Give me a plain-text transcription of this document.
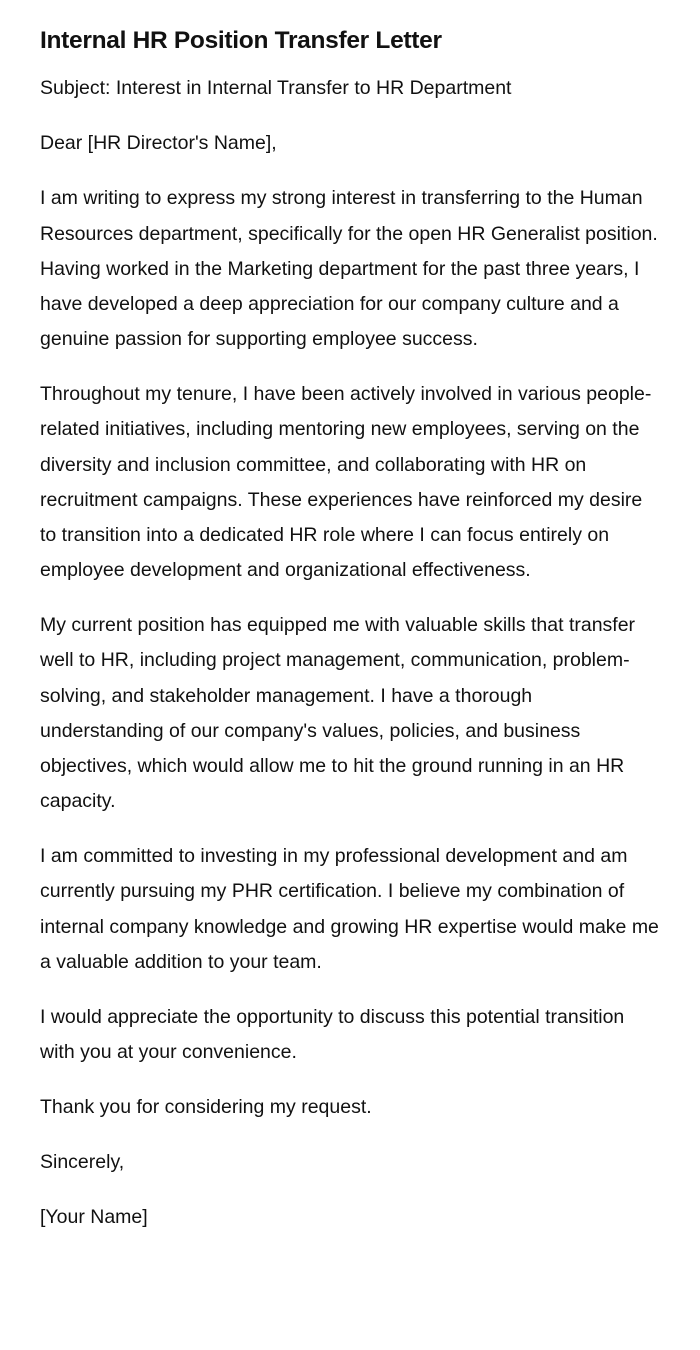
Internal HR Position Transfer Letter

Subject: Interest in Internal Transfer to HR Department

Dear [HR Director's Name],

I am writing to express my strong interest in transferring to the Human Resources department, specifically for the open HR Generalist position. Having worked in the Marketing department for the past three years, I have developed a deep appreciation for our company culture and a genuine passion for supporting employee success.

Throughout my tenure, I have been actively involved in various people-related initiatives, including mentoring new employees, serving on the diversity and inclusion committee, and collaborating with HR on recruitment campaigns. These experiences have reinforced my desire to transition into a dedicated HR role where I can focus entirely on employee development and organizational effectiveness.

My current position has equipped me with valuable skills that transfer well to HR, including project management, communication, problem-solving, and stakeholder management. I have a thorough understanding of our company's values, policies, and business objectives, which would allow me to hit the ground running in an HR capacity.

I am committed to investing in my professional development and am currently pursuing my PHR certification. I believe my combination of internal company knowledge and growing HR expertise would make me a valuable addition to your team.

I would appreciate the opportunity to discuss this potential transition with you at your convenience.

Thank you for considering my request.

Sincerely,

[Your Name]
